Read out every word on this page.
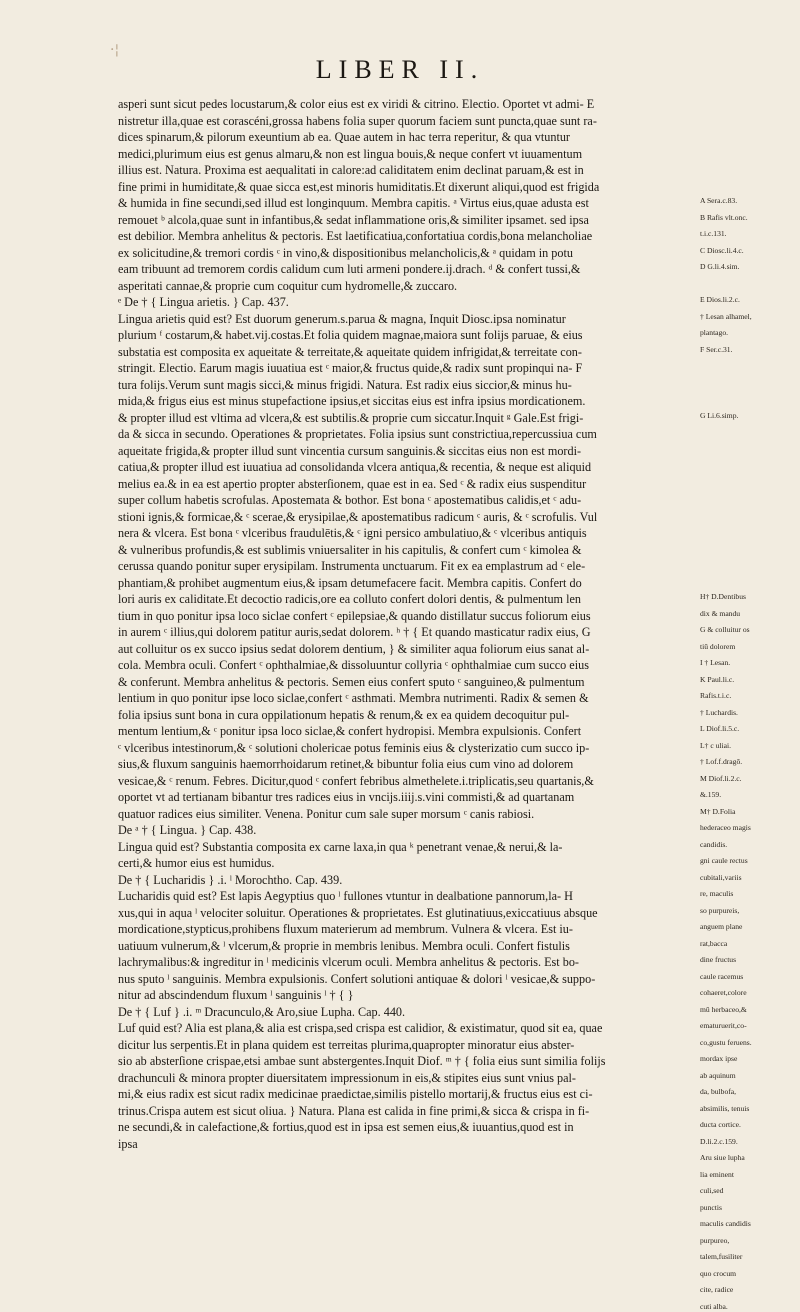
·¦
LIBER II.
asperi sunt sicut pedes locustarum,& color eius est ex viridi & citrino. Electio. Oportet vt admi- E
nistretur illa,quae est corascéni,grossa habens folia super quorum faciem sunt puncta,quae sunt ra-
dices spinarum,& pilorum exeuntium ab ea. Quae autem in hac terra reperitur, & qua vtuntur
medici,plurimum eius est genus almaru,& non est lingua bouis,& neque confert vt iuuamentum
illius est. Natura. Proxima est aequalitati in calore:ad caliditatem enim declinat paruam,& est in
fine primi in humiditate,& quae sicca est,est minoris humiditatis.Et dixerunt aliqui,quod est frigida
& humida in fine secundi,sed illud est longinquum. Membra capitis. ᵃ Virtus eius,quae adusta est
remouet ᵇ alcola,quae sunt in infantibus,& sedat inflammatione oris,& similiter ipsamet. sed ipsa
est debilior. Membra anhelitus & pectoris. Est laetificatiua,confortatiua cordis,bona melancholiae
ex solicitudine,& tremori cordis ᶜ in vino,& dispositionibus melancholicis,& ᵃ quidam in potu
eam tribuunt ad tremorem cordis calidum cum luti armeni pondere.ij.drach. ᵈ & confert tussi,&
asperitati cannae,& proprie cum coquitur cum hydromelle,& zuccaro.
ᵉ De † { Lingua arietis. } Cap. 437.
Lingua arietis quid est? Est duorum generum.s.parua & magna, Inquit Diosc.ipsa nominatur
plurium ᶠ costarum,& habet.vij.costas.Et folia quidem magnae,maiora sunt folijs paruae, & eius
substatia est composita ex aqueitate & terreitate,& aqueitate quidem infrigidat,& terreitate con-
stringit. Electio. Earum magis iuuatiua est ᶜ maior,& fructus quide,& radix sunt propinqui na- F
tura folijs.Verum sunt magis sicci,& minus frigidi. Natura. Est radix eius siccior,& minus hu-
mida,& frigus eius est minus stupefactione ipsius,et siccitas eius est infra ipsius mordicationem.
& propter illud est vltima ad vlcera,& est subtilis.& proprie cum siccatur.Inquit ᵍ Gale.Est frigi-
da & sicca in secundo. Operationes & proprietates. Folia ipsius sunt constrictiua,repercussiua cum
aqueitate frigida,& propter illud sunt vincentia cursum sanguinis.& siccitas eius non est mordi-
catiua,& propter illud est iuuatiua ad consolidanda vlcera antiqua,& recentia, & neque est aliquid
melius ea.& in ea est apertio propter absterſionem, quae est in ea. Sed ᶜ & radix eius suspenditur
super collum habetis scrofulas. Apostemata & bothor. Est bona ᶜ apostematibus calidis,et ᶜ adu-
stioni ignis,& formicae,& ᶜ scerae,& erysipilae,& apostematibus radicum ᶜ auris, & ᶜ scrofulis. Vul
nera & vlcera. Est bona ᶜ vlceribus fraudulētis,& ᶜ igni persico ambulatiuo,& ᶜ vlceribus antiquis
& vulneribus profundis,& est sublimis vniuersaliter in his capitulis, & confert cum ᶜ kimolea &
cerussa quando ponitur super erysipilam. Instrumenta unctuarum. Fit ex ea emplastrum ad ᶜ ele-
phantiam,& prohibet augmentum eius,& ipsam detumefacere facit. Membra capitis. Confert do
lori auris ex caliditate.Et decoctio radicis,ore ea colluto confert dolori dentis, & pulmentum len
tium in quo ponitur ipsa loco siclae confert ᶜ epilepsiae,& quando distillatur succus foliorum eius
in aurem ᶜ illius,qui dolorem patitur auris,sedat dolorem. ʰ † { Et quando masticatur radix eius, G
aut colluitur os ex succo ipsius sedat dolorem dentium, } & similiter aqua foliorum eius sanat al-
cola. Membra oculi. Confert ᶜ ophthalmiae,& dissoluuntur collyria ᶜ ophthalmiae cum succo eius
& conferunt. Membra anhelitus & pectoris. Semen eius confert sputo ᶜ sanguineo,& pulmentum
lentium in quo ponitur ipse loco siclae,confert ᶜ asthmati. Membra nutrimenti. Radix & semen &
folia ipsius sunt bona in cura oppilationum hepatis & renum,& ex ea quidem decoquitur pul-
mentum lentium,& ᶜ ponitur ipsa loco siclae,& confert hydropisi. Membra expulsionis. Confert
ᶜ vlceribus intestinorum,& ᶜ solutioni cholericae potus feminis eius & clysterizatio cum succo ip-
sius,& fluxum sanguinis haemorrhoidarum retinet,& bibuntur folia eius cum vino ad dolorem
vesicae,& ᶜ renum. Febres. Dicitur,quod ᶜ confert febribus almethelete.i.triplicatis,seu quartanis,&
oportet vt ad tertianam bibantur tres radices eius in vncijs.iiij.s.vini commisti,& ad quartanam
quatuor radices eius similiter. Venena. Ponitur cum sale super morsum ᶜ canis rabiosi.
De ᵃ † { Lingua. } Cap. 438.
Lingua quid est? Substantia composita ex carne laxa,in qua ᵏ penetrant venae,& nerui,& la-
certi,& humor eius est humidus.
De † { Lucharidis } .i. ˡ Morochtho. Cap. 439.
Lucharidis quid est? Est lapis Aegyptius quo ˡ fullones vtuntur in dealbatione pannorum,la- H
xus,qui in aqua ˡ velociter soluitur. Operationes & proprietates. Est glutinatiuus,exiccatiuus absque
mordicatione,stypticus,prohibens fluxum materierum ad membrum. Vulnera & vlcera. Est iu-
uatiuum vulnerum,& ˡ vlcerum,& proprie in membris lenibus. Membra oculi. Confert fistulis
lachrymalibus:& ingreditur in ˡ medicinis vlcerum oculi. Membra anhelitus & pectoris. Est bo-
nus sputo ˡ sanguinis. Membra expulsionis. Confert solutioni antiquae & dolori ˡ vesicae,& suppo-
nitur ad abscindendum fluxum ˡ sanguinis ˡ † { }
De † { Luf } .i. ᵐ Dracunculo,& Aro,siue Lupha. Cap. 440.
Luf quid est? Alia est plana,& alia est crispa,sed crispa est calidior, & existimatur, quod sit ea, quae
dicitur lus serpentis.Et in plana quidem est terreitas plurima,quapropter minoratur eius abster-
sio ab absterſione crispae,etsi ambae sunt abstergentes.Inquit Diof. ᵐ † { folia eius sunt similia folijs
drachunculi & minora propter diuersitatem impressionum in eis,& stipites eius sunt vnius pal-
mi,& eius radix est sicut radix medicinae praedictae,similis pistello mortarij,& fructus eius est ci-
trinus.Crispa autem est sicut oliua. } Natura. Plana est calida in fine primi,& sicca & crispa in fi-
ne secundi,& in calefactione,& fortius,quod est in ipsa est semen eius,& iuuantius,quod est in
ipsa
A Sera.c.83.
B Rafis vlt.onc.
t.i.c.131.
C Diosc.li.4.c.
D G.li.4.sim.
E Dios.li.2.c.
† Lesan alhamel,
plantago.
F Ser.c.31.
G Li.6.simp.
H† D.Dentibus
dix & mandu
G & colluitur os
tiū dolorem
I † Lesan.
K Paul.li.c.
Rafis.t.i.c.
† Luchardis.
L Diof.li.5.c.
L† c uliai.
† Lof.f.dragō.
M Diof.li.2.c.
&.159.
M† D.Folia
hederaceo magis
candidis.
gni caule rectus
cubitali,variis
re, maculis
so purpureis,
anguem plane
rat,bacca
dine fructus
caule racemus
cohaeret,colore
mū herbaceo,&
ematuruerit,co-
co,gustu feruens.
mordax ipse
ab aquinum
da, bulbofa,
absimilis, tenuis
ducta cortice.
D.li.2.c.159.
Aru siue lupha
lia eminent
culi,sed
punctis
maculis candidis
purpureo,
talem,fusiliter
quo crocum
cite, radice
cuti alba.
